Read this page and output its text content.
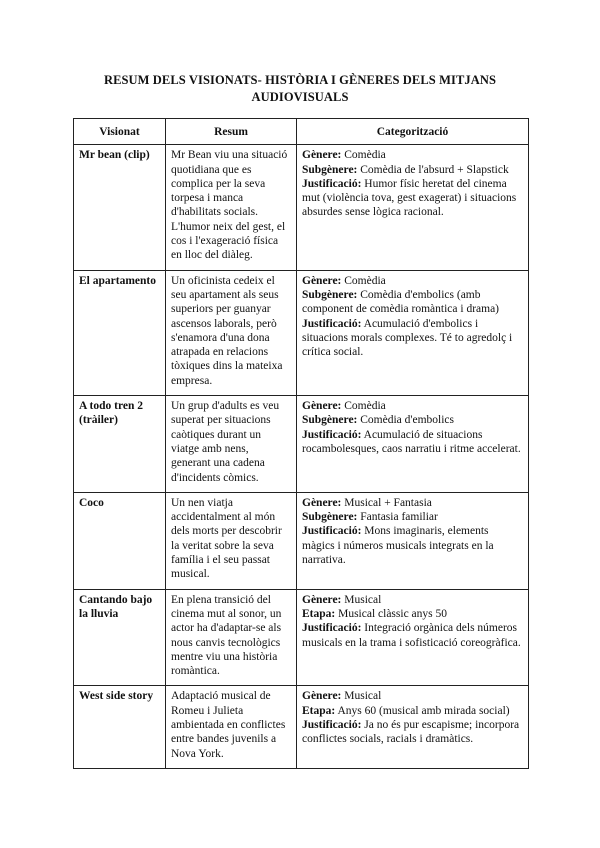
RESUM DELS VISIONATS- HISTÒRIA I GÈNERES DELS MITJANS
AUDIOVISUALS
Visionat	Resum	Categorització
Mr bean (clip)	Mr Bean viu una situació quotidiana que es complica per la seva torpesa i manca d'habilitats socials. L'humor neix del gest, el cos i l'exageració física en lloc del diàleg.	Gènere: Comèdia
Subgènere: Comèdia de l'absurd + Slapstick
Justificació: Humor físic heretat del cinema mut (violència tova, gest exagerat) i situacions absurdes sense lògica racional.

El apartamento	Un oficinista cedeix el seu apartament als seus superiors per guanyar ascensos laborals, però s'enamora d'una dona atrapada en relacions tòxiques dins la mateixa empresa.	Gènere: Comèdia
Subgènere: Comèdia d'embolics (amb component de comèdia romàntica i drama)
Justificació: Acumulació d'embolics i situacions morals complexes. Té to agredolç i crítica social.

A todo tren 2 (tràiler)	Un grup d'adults es veu superat per situacions caòtiques durant un viatge amb nens, generant una cadena d'incidents còmics.	Gènere: Comèdia
Subgènere: Comèdia d'embolics
Justificació: Acumulació de situacions rocambolesques, caos narratiu i ritme accelerat.

Coco	Un nen viatja accidentalment al món dels morts per descobrir la veritat sobre la seva família i el seu passat musical.	Gènere: Musical + Fantasia
Subgènere: Fantasia familiar
Justificació: Mons imaginaris, elements màgics i números musicals integrats en la narrativa.

Cantando bajo la lluvia	En plena transició del cinema mut al sonor, un actor ha d'adaptar-se als nous canvis tecnològics mentre viu una història romàntica.	Gènere: Musical
Etapa: Musical clàssic anys 50
Justificació: Integració orgànica dels números musicals en la trama i sofisticació coreogràfica.

West side story	Adaptació musical de Romeu i Julieta ambientada en conflictes entre bandes juvenils a Nova York.	Gènere: Musical
Etapa: Anys 60 (musical amb mirada social)
Justificació: Ja no és pur escapisme; incorpora conflictes socials, racials i dramàtics.
